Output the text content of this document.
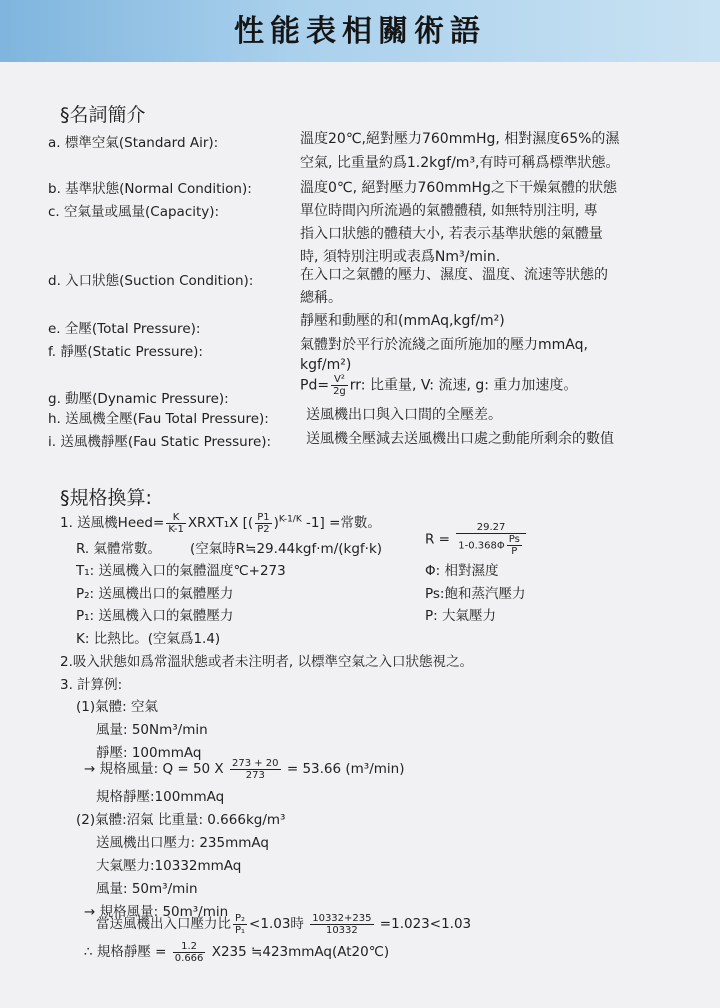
性能表相關術語
§名詞簡介
a. 標準空氣(Standard Air):	溫度20℃,絕對壓力760mmHg, 相對濕度65%的濕
空氣, 比重量約爲1.2kgf/m³,有時可稱爲標準狀態。
b. 基準狀態(Normal Condition):	溫度0℃, 絕對壓力760mmHg之下干燥氣體的狀態
c. 空氣量或風量(Capacity):	單位時間內所流過的氣體體積, 如無特別注明, 專
指入口狀態的體積大小, 若表示基準狀態的氣體量
時, 須特別注明或表爲Nm³/min.
d. 入口狀態(Suction Condition):	在入口之氣體的壓力、濕度、溫度、流速等狀態的
總稱。
e. 全壓(Total Pressure):	靜壓和動壓的和(mmAq,kgf/m²)
f. 靜壓(Static Pressure):	氣體對於平行於流綫之面所施加的壓力mmAq,
kgf/m²)
g. 動壓(Dynamic Pressure):
$Pd= \frac{\text{V²}}{2g}$ rr: 比重量, V: 流速, g: 重力加速度。
h. 送風機全壓(Fau Total Pressure):	送風機出口與入口間的全壓差。
i. 送風機靜壓(Fau Static Pressure): 送風機全壓減去送風機出口處之動能所剩余的數值
§規格換算:
1. 送風機Heed= $\frac{K}{K-1}$ XRXT₁X [( $\frac{P1}{P2} )^{K-1/K}$ -1] =常數。
R. 氣體常數。 (空氣時R≒29.44kgf·m/(kgf·k)
R =
29.27
$1-0.368\Phi \frac{Ps}{P}$
T₁: 送風機入口的氣體溫度℃+273	Φ: 相對濕度
P₂: 送風機出口的氣體壓力	Ps:飽和蒸汽壓力
P₁: 送風機入口的氣體壓力	P: 大氣壓力
K: 比熱比。(空氣爲1.4)
2.吸入狀態如爲常溫狀態或者未注明者, 以標準空氣之入口狀態視之。
3. 計算例:
(1)氣體: 空氣
風量: 50Nm³/min
靜壓: 100mmAq
→ 規格風量: Q = 50 X $\frac{273 + 20}{273} = 53.66$ (m³/min)
規格靜壓:100mmAq
(2)氣體:沼氣 比重量: 0.666kg/m³
送風機出口壓力: 235mmAq
大氣壓力:10332mmAq
風量: 50m³/min
→ 規格風量: 50m³/min
當送風機出入口壓力比 $\frac{\text{P₂}}{\text{P₁}} <1.03$時 $\frac{10332+235}{10332} =1.023<1.03$
∴ 規格靜壓 = $\frac{1.2}{0.666} X235$ ≒423mmAq(At20℃)
